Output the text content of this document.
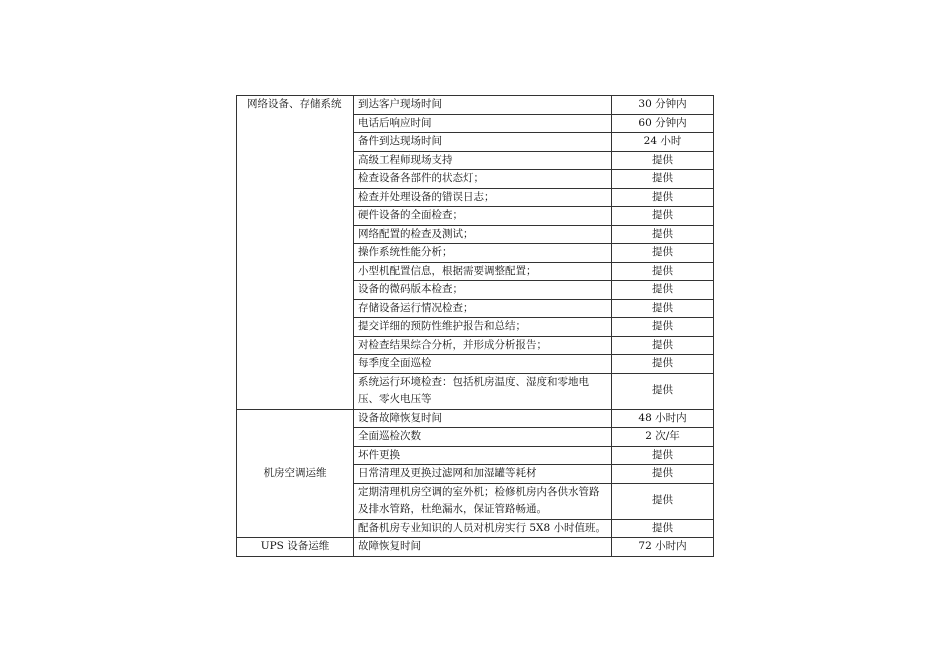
网络设备、存储系统	到达客户现场时间	30 分钟内
	电话后响应时间	60 分钟内
	备件到达现场时间	24 小时
	高级工程师现场支持	提供
	检查设备各部件的状态灯；	提供
	检查并处理设备的错误日志；	提供
	硬件设备的全面检查；	提供
	网络配置的检查及测试；	提供
	操作系统性能分析；	提供
	小型机配置信息，根据需要调整配置；	提供
	设备的微码版本检查；	提供
	存储设备运行情况检查；	提供
	提交详细的预防性维护报告和总结；	提供
	对检查结果综合分析，并形成分析报告；	提供
	每季度全面巡检	提供
	系统运行环境检查：包括机房温度、湿度和零地电压、零火电压等	提供
机房空调运维	设备故障恢复时间	48 小时内
	全面巡检次数	2 次/年
	坏件更换	提供
	日常清理及更换过滤网和加湿罐等耗材	提供
	定期清理机房空调的室外机；检修机房内各供水管路及排水管路，杜绝漏水，保证管路畅通。	提供
	配备机房专业知识的人员对机房实行 5X8 小时值班。	提供
UPS 设备运维	故障恢复时间	72 小时内
